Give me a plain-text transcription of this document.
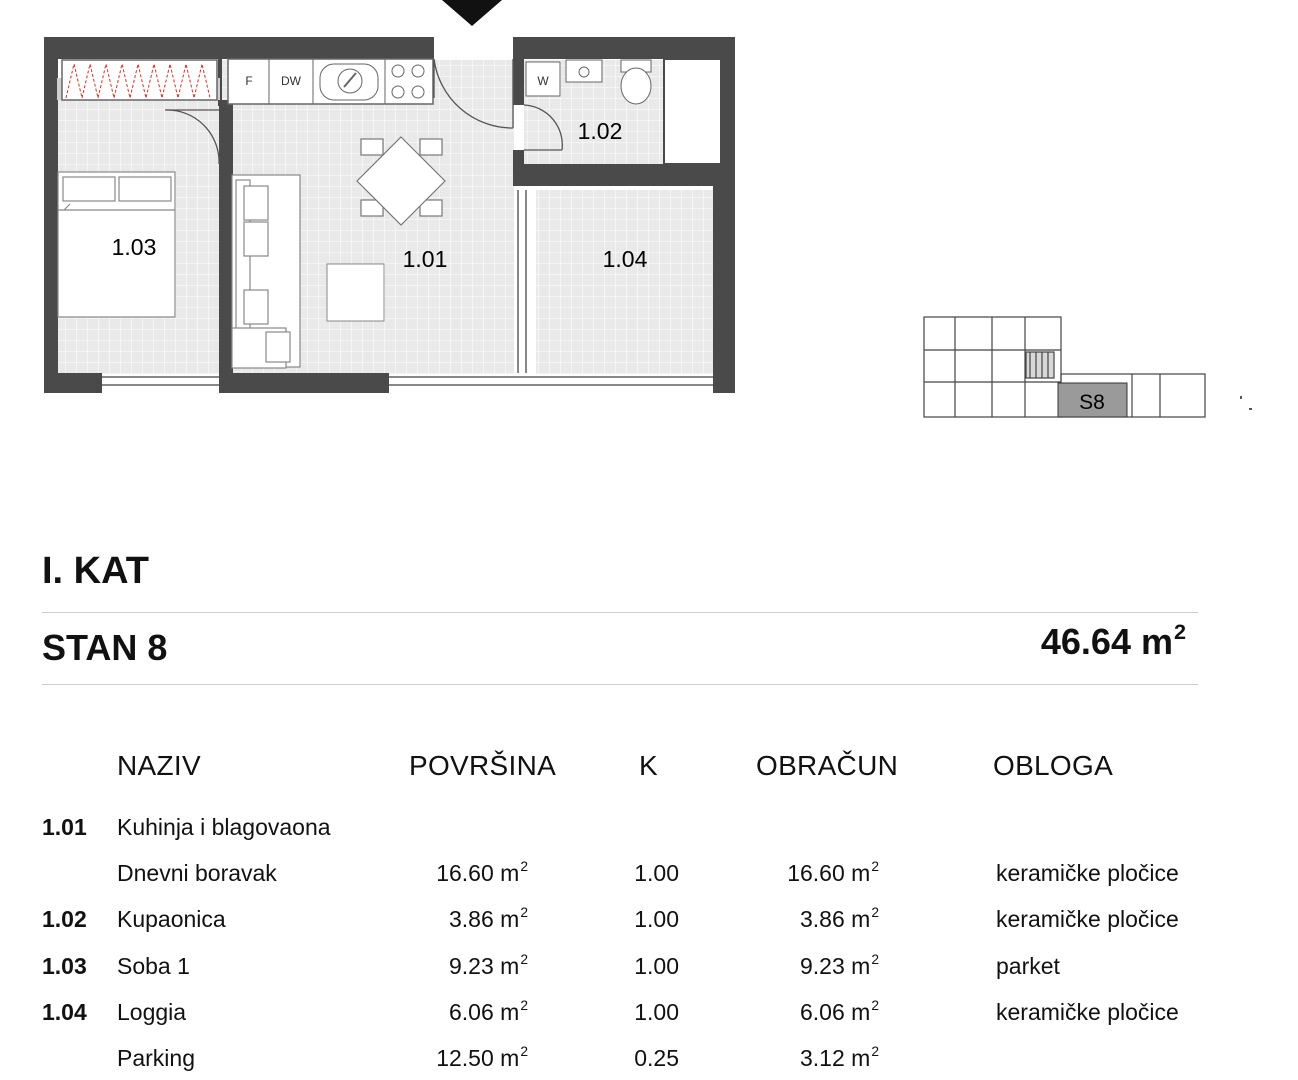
F DW	W
1.03	1.01
1.02
1.04
S8
I. KAT
STAN 8	46.64 $m^2$
NAZIV	POVRŠINA	K	OBRAČUN	OBLOGA
1.01 Kuhinja i blagovaona
Dnevni boravak	16.60 $m^2$	1.00	16.60 $m^2$	keramičke pločice
1.02 Kupaonica	3.86 $m^2$	1.00	3.86 $m^2$	keramičke pločice
1.03 Soba 1	9.23 $m^2$	1.00	9.23 $m^2$	parket
1.04 Loggia	6.06 $m^2$	1.00	6.06 $m^2$	keramičke pločice
Parking	12.50 $m^2$	0.25	3.12 $m^2$
